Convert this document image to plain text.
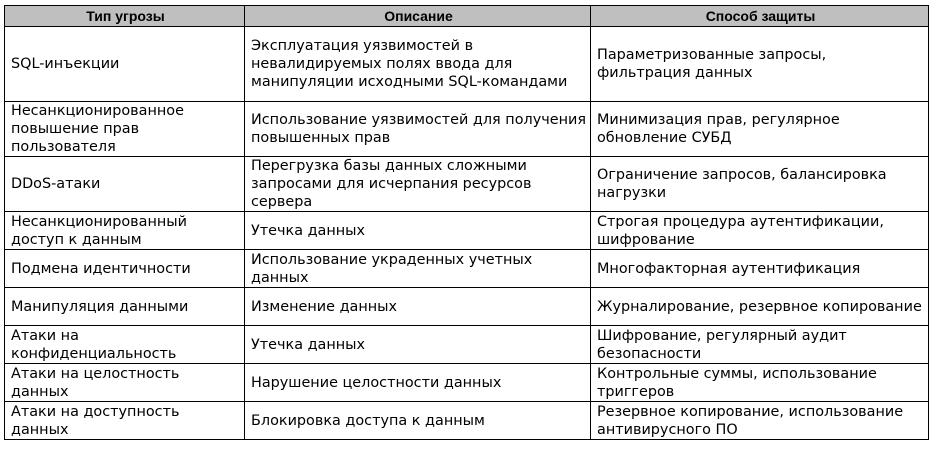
Тип угрозы	Описание	Способ защиты
SQL-инъекции	Эксплуатация уязвимостей в невалидируемых полях ввода для манипуляции исходными SQL-командами	Параметризованные запросы, фильтрация данных
Несанкционированное повышение прав пользователя	Использование уязвимостей для получения повышенных прав	Минимизация прав, регулярное обновление СУБД
DDoS-атаки	Перегрузка базы данных сложными запросами для исчерпания ресурсов сервера	Ограничение запросов, балансировка нагрузки
Несанкционированный доступ к данным	Утечка данных	Строгая процедура аутентификации, шифрование
Подмена идентичности	Использование украденных учетных данных	Многофакторная аутентификация
Манипуляция данными	Изменение данных	Журналирование, резервное копирование
Атаки на конфиденциальность	Утечка данных	Шифрование, регулярный аудит безопасности
Атаки на целостность данных	Нарушение целостности данных	Контрольные суммы, использование триггеров
Атаки на доступность данных	Блокировка доступа к данным	Резервное копирование, использование антивирусного ПО
